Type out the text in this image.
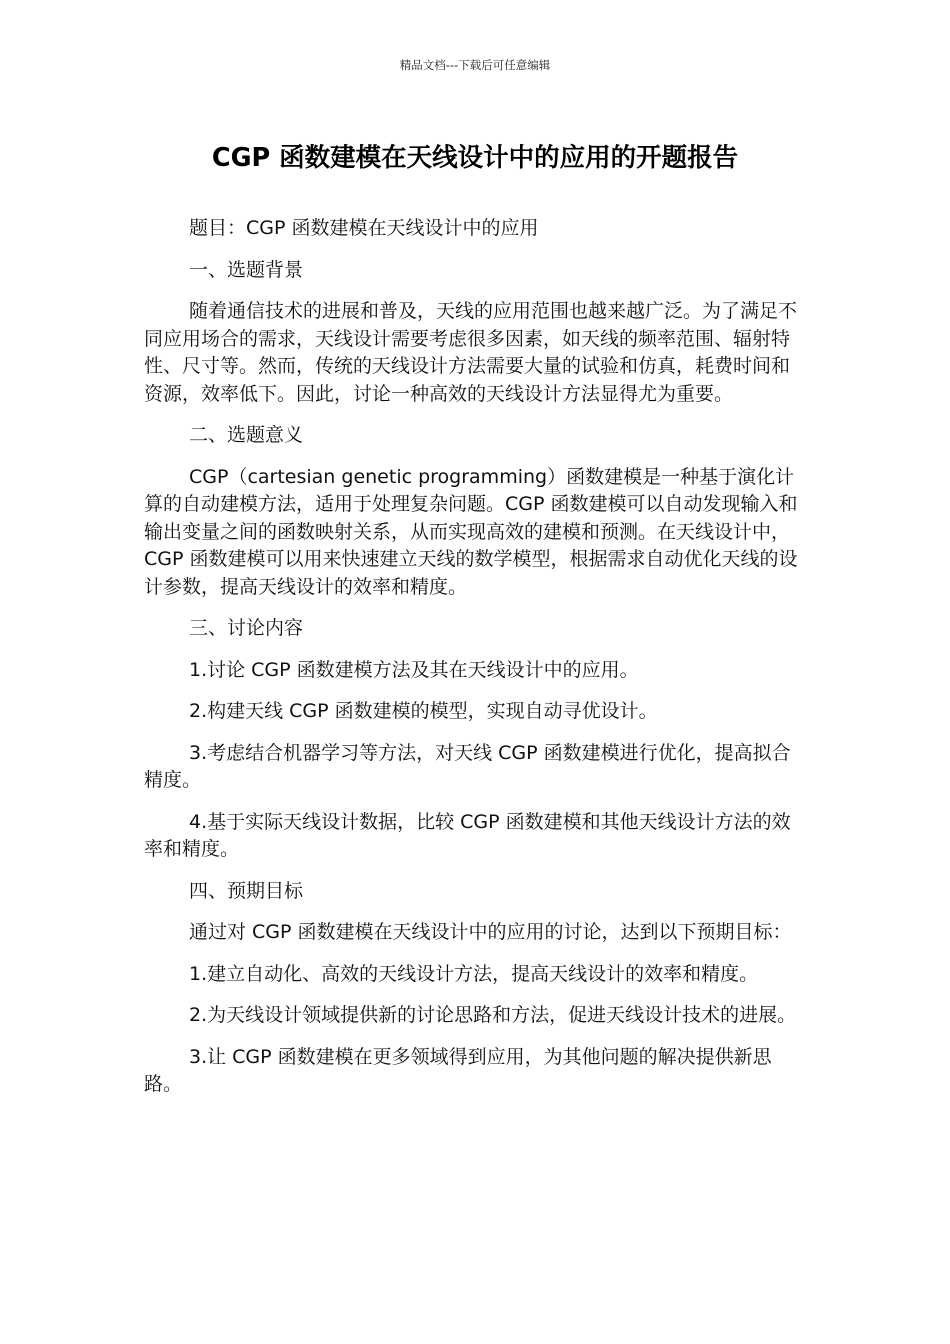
精品文档---下载后可任意编辑
CGP 函数建模在天线设计中的应用的开题报告

题目：CGP 函数建模在天线设计中的应用

一、选题背景

随着通信技术的进展和普及，天线的应用范围也越来越广泛。为了满足不同应用场合的需求，天线设计需要考虑很多因素，如天线的频率范围、辐射特性、尺寸等。然而，传统的天线设计方法需要大量的试验和仿真，耗费时间和资源，效率低下。因此，讨论一种高效的天线设计方法显得尤为重要。

二、选题意义

CGP（cartesian genetic programming）函数建模是一种基于演化计算的自动建模方法，适用于处理复杂问题。CGP 函数建模可以自动发现输入和输出变量之间的函数映射关系，从而实现高效的建模和预测。在天线设计中，CGP 函数建模可以用来快速建立天线的数学模型，根据需求自动优化天线的设计参数，提高天线设计的效率和精度。

三、讨论内容

1.讨论 CGP 函数建模方法及其在天线设计中的应用。

2.构建天线 CGP 函数建模的模型，实现自动寻优设计。

3.考虑结合机器学习等方法，对天线 CGP 函数建模进行优化，提高拟合精度。

4.基于实际天线设计数据，比较 CGP 函数建模和其他天线设计方法的效率和精度。

四、预期目标

通过对 CGP 函数建模在天线设计中的应用的讨论，达到以下预期目标：

1.建立自动化、高效的天线设计方法，提高天线设计的效率和精度。

2.为天线设计领域提供新的讨论思路和方法，促进天线设计技术的进展。

3.让 CGP 函数建模在更多领域得到应用，为其他问题的解决提供新思路。
